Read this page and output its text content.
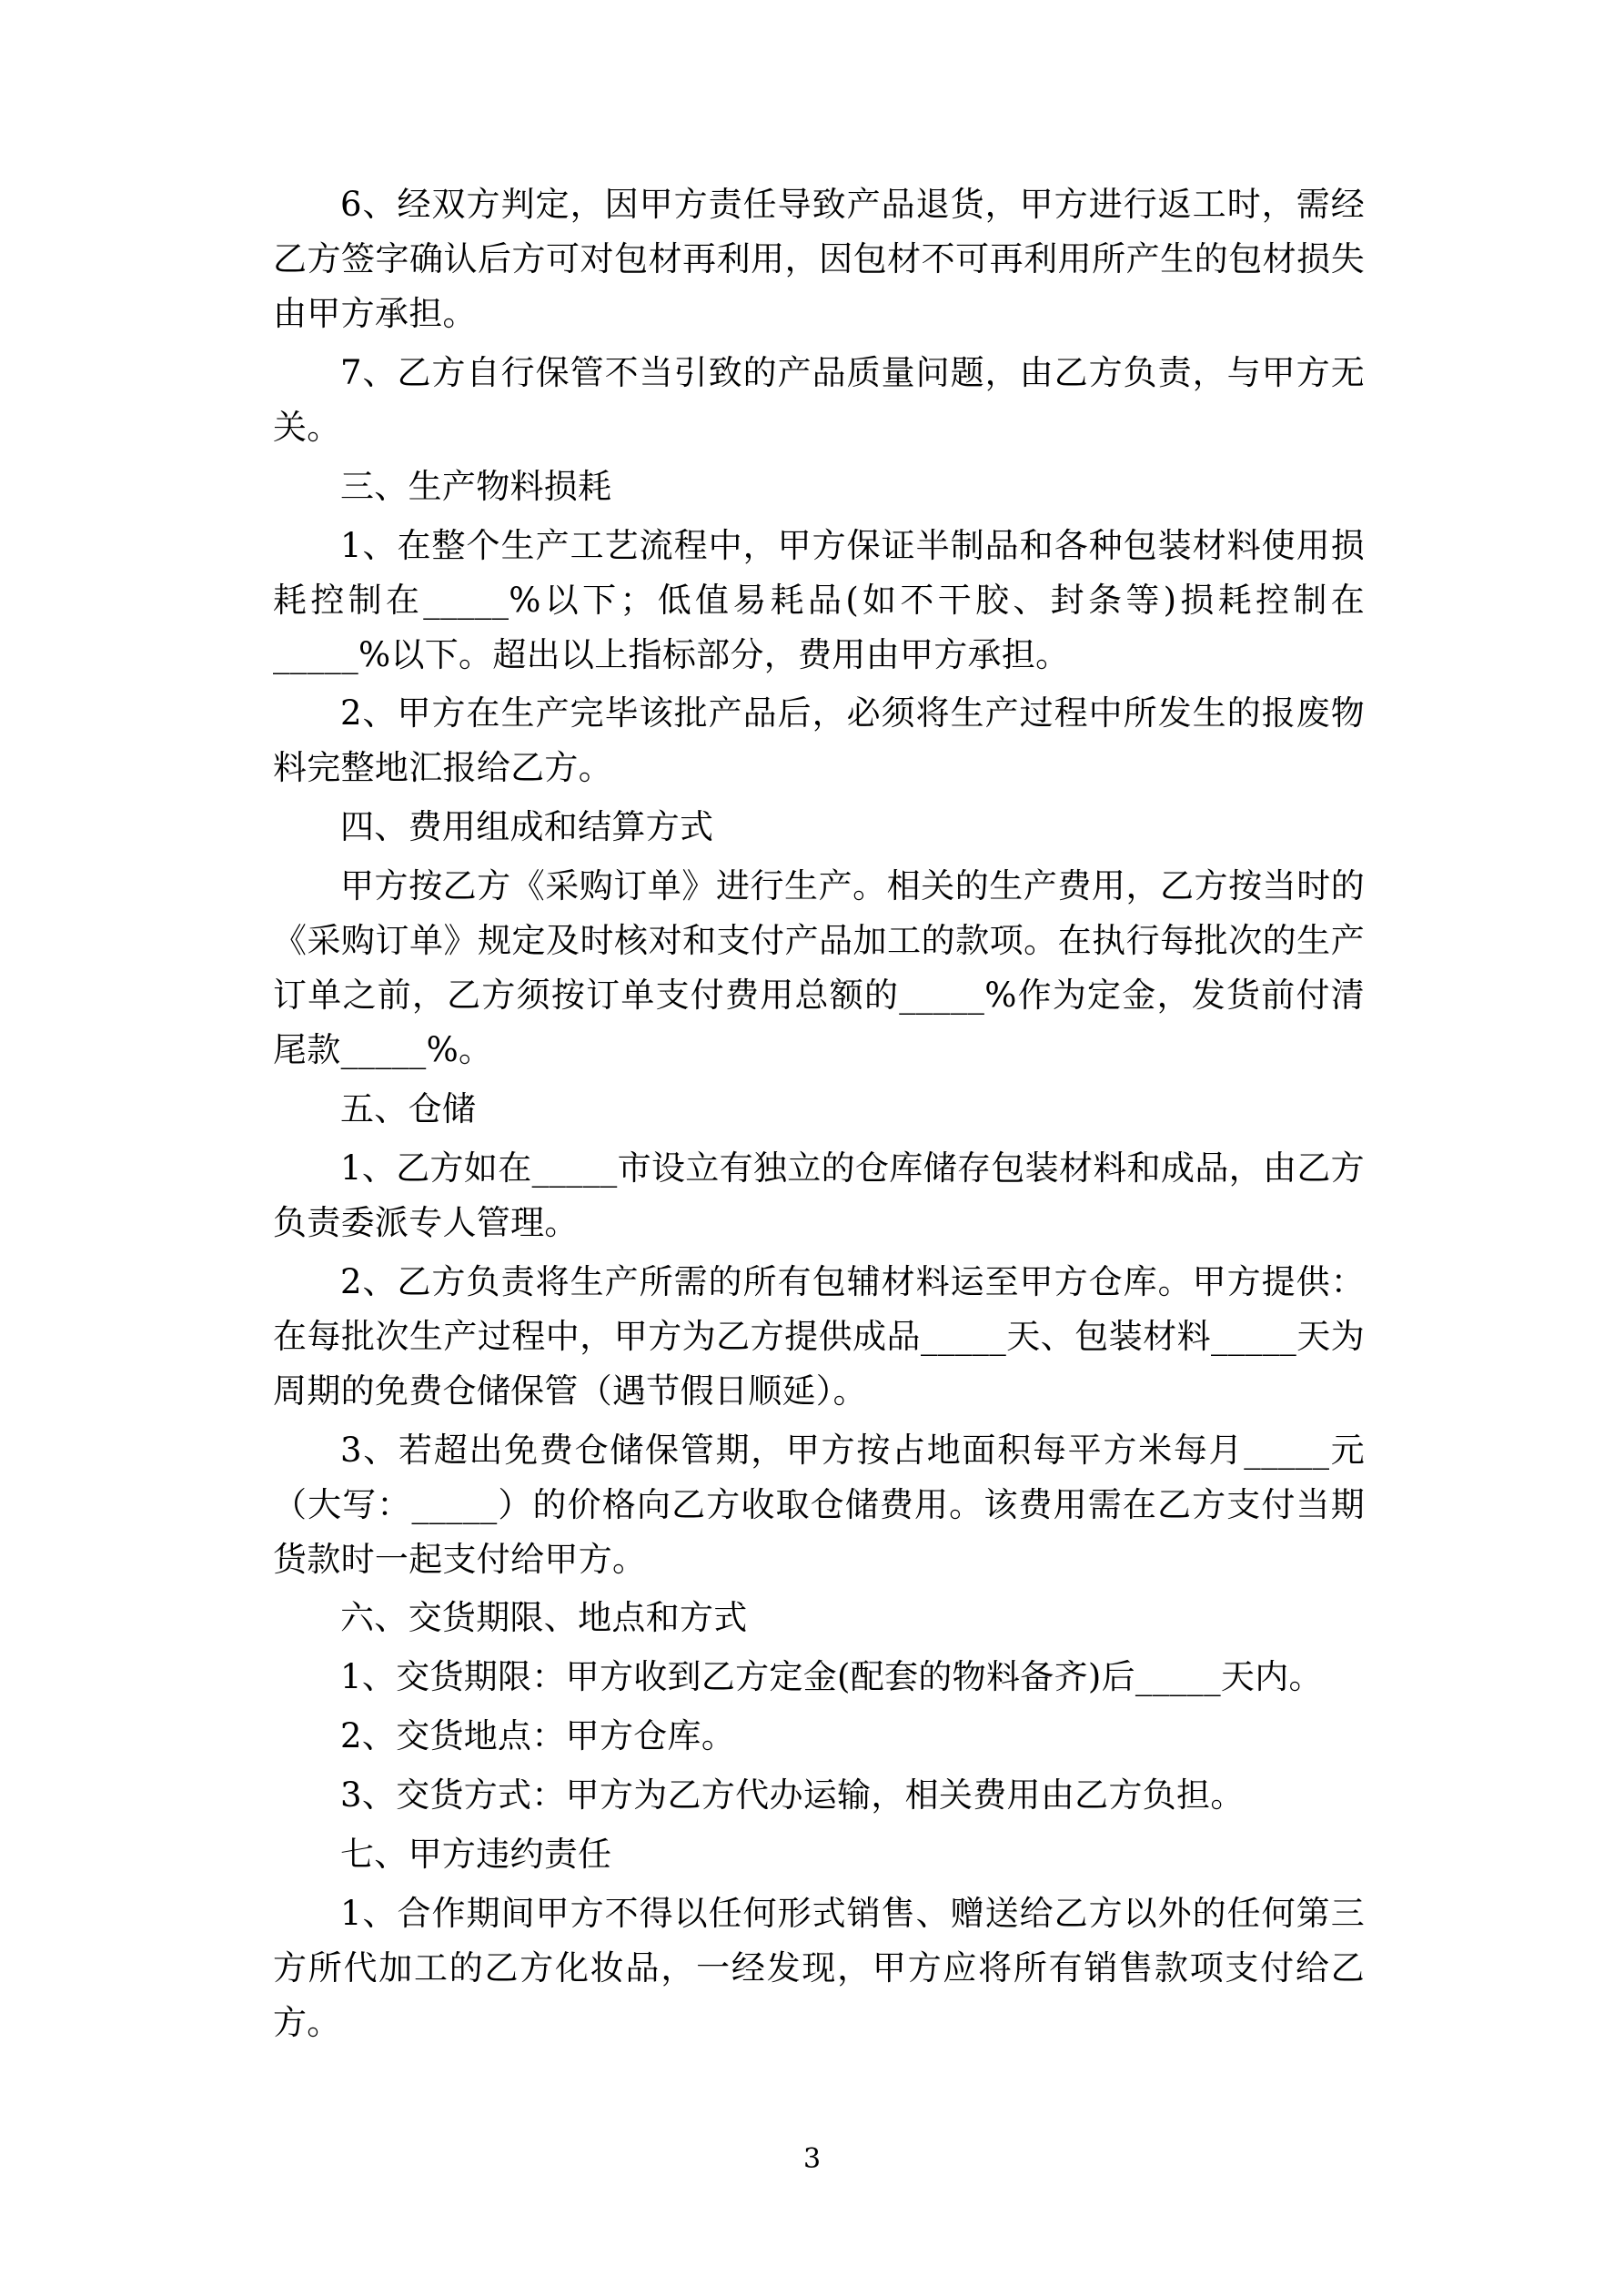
6、经双方判定，因甲方责任导致产品退货，甲方进行返工时，需经乙方签字确认后方可对包材再利用，因包材不可再利用所产生的包材损失由甲方承担。

7、乙方自行保管不当引致的产品质量问题，由乙方负责，与甲方无关。

三、生产物料损耗

1、在整个生产工艺流程中，甲方保证半制品和各种包装材料使用损耗控制在_____%以下；低值易耗品(如不干胶、封条等)损耗控制在_____%以下。超出以上指标部分，费用由甲方承担。

2、甲方在生产完毕该批产品后，必须将生产过程中所发生的报废物料完整地汇报给乙方。

四、费用组成和结算方式

甲方按乙方《采购订单》进行生产。相关的生产费用，乙方按当时的《采购订单》规定及时核对和支付产品加工的款项。在执行每批次的生产订单之前，乙方须按订单支付费用总额的_____%作为定金，发货前付清尾款_____%。

五、仓储

1、乙方如在_____市设立有独立的仓库储存包装材料和成品，由乙方负责委派专人管理。

2、乙方负责将生产所需的所有包辅材料运至甲方仓库。甲方提供：在每批次生产过程中，甲方为乙方提供成品_____天、包装材料_____天为周期的免费仓储保管（遇节假日顺延）。

3、若超出免费仓储保管期，甲方按占地面积每平方米每月_____元（大写：_____）的价格向乙方收取仓储费用。该费用需在乙方支付当期货款时一起支付给甲方。

六、交货期限、地点和方式

1、交货期限：甲方收到乙方定金(配套的物料备齐)后_____天内。

2、交货地点：甲方仓库。

3、交货方式：甲方为乙方代办运输，相关费用由乙方负担。

七、甲方违约责任

1、合作期间甲方不得以任何形式销售、赠送给乙方以外的任何第三方所代加工的乙方化妆品，一经发现，甲方应将所有销售款项支付给乙方。

3
